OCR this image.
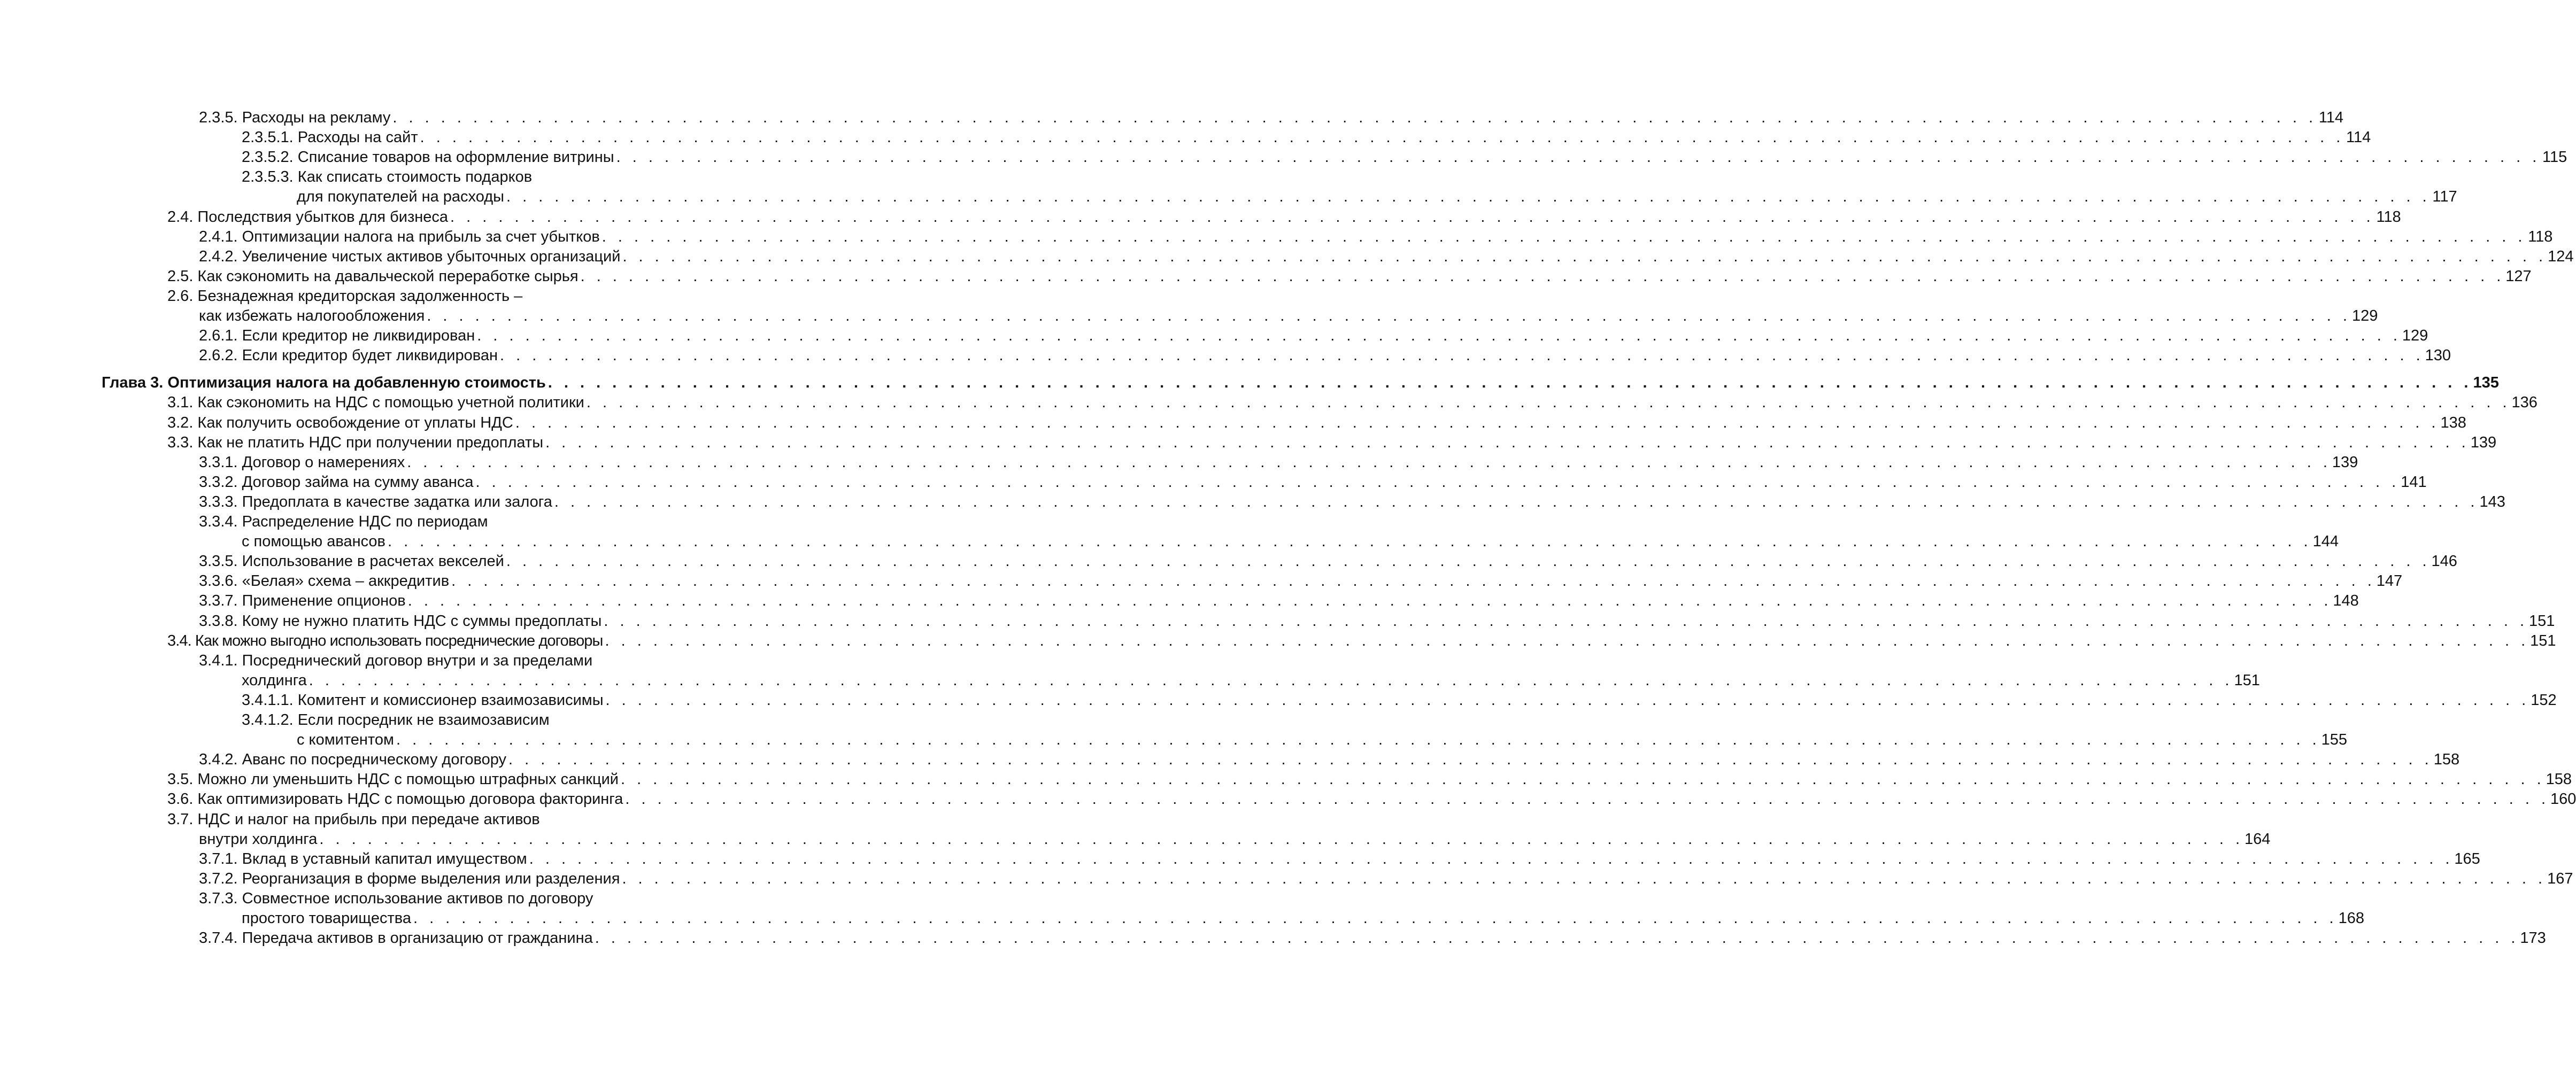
2.3.5. Расходы на рекламу . . . . . . . . . . . . . . . . . . . . . . . . . . . . . . . . . . . . . . . . . . . . . . . . . . . . . . . . . . . . . . . . . . . . . . . . . . . . . . . . . . . . . . . . . . . . . . . . . . . . . . . . . . . . . . . . . . . . . . . . 114
2.3.5.1. Расходы на сайт . . . . . . . . . . . . . . . . . . . . . . . . . . . . . . . . . . . . . . . . . . . . . . . . . . . . . . . . . . . . . . . . . . . . . . . . . . . . . . . . . . . . . . . . . . . . . . . . . . . . . . . . . . . . . . . . . . . . . . . . 114
2.3.5.2. Списание товаров на оформление витрины . . . . . . . . . . . . . . . . . . . . . . . . . . . . . . . . . . . . . . . . . . . . . . . . . . . . . . . . . . . . . . . . . . . . . . . . . . . . . . . . . . . . . . . . . . . . . . . . . . . . . . . . . . . . . . . . . . . . . . . . 115
2.3.5.3. Как списать стоимость подарков
для покупателей на расходы . . . . . . . . . . . . . . . . . . . . . . . . . . . . . . . . . . . . . . . . . . . . . . . . . . . . . . . . . . . . . . . . . . . . . . . . . . . . . . . . . . . . . . . . . . . . . . . . . . . . . . . . . . . . . . . . . . . . . . . . 117
2.4. Последствия убытков для бизнеса . . . . . . . . . . . . . . . . . . . . . . . . . . . . . . . . . . . . . . . . . . . . . . . . . . . . . . . . . . . . . . . . . . . . . . . . . . . . . . . . . . . . . . . . . . . . . . . . . . . . . . . . . . . . . . . . . . . . . . . . 118
2.4.1. Оптимизации налога на прибыль за счет убытков . . . . . . . . . . . . . . . . . . . . . . . . . . . . . . . . . . . . . . . . . . . . . . . . . . . . . . . . . . . . . . . . . . . . . . . . . . . . . . . . . . . . . . . . . . . . . . . . . . . . . . . . . . . . . . . . . . . . . . . . 118
2.4.2. Увеличение чистых активов убыточных организаций . . . . . . . . . . . . . . . . . . . . . . . . . . . . . . . . . . . . . . . . . . . . . . . . . . . . . . . . . . . . . . . . . . . . . . . . . . . . . . . . . . . . . . . . . . . . . . . . . . . . . . . . . . . . . . . . . . . . . . . . 124
2.5. Как сэкономить на давальческой переработке сырья . . . . . . . . . . . . . . . . . . . . . . . . . . . . . . . . . . . . . . . . . . . . . . . . . . . . . . . . . . . . . . . . . . . . . . . . . . . . . . . . . . . . . . . . . . . . . . . . . . . . . . . . . . . . . . . . . . . . . . . . 127
2.6. Безнадежная кредиторская задолженность –
как избежать налогообложения . . . . . . . . . . . . . . . . . . . . . . . . . . . . . . . . . . . . . . . . . . . . . . . . . . . . . . . . . . . . . . . . . . . . . . . . . . . . . . . . . . . . . . . . . . . . . . . . . . . . . . . . . . . . . . . . . . . . . . . . 129
2.6.1. Если кредитор не ликвидирован . . . . . . . . . . . . . . . . . . . . . . . . . . . . . . . . . . . . . . . . . . . . . . . . . . . . . . . . . . . . . . . . . . . . . . . . . . . . . . . . . . . . . . . . . . . . . . . . . . . . . . . . . . . . . . . . . . . . . . . . 129
2.6.2. Если кредитор будет ликвидирован . . . . . . . . . . . . . . . . . . . . . . . . . . . . . . . . . . . . . . . . . . . . . . . . . . . . . . . . . . . . . . . . . . . . . . . . . . . . . . . . . . . . . . . . . . . . . . . . . . . . . . . . . . . . . . . . . . . . . . . . 130
Глава 3. Оптимизация налога на добавленную стоимость . . . . . . . . . . . . . . . . . . . . . . . . . . . . . . . . . . . . . . . . . . . . . . . . . . . . . . . . . . . . . . . . . . . . . . . . . . . . . . . . . . . . . . . . . . . . . . . . . . . . . . . . . . . . . . . . . . . . . . . . 135
3.1. Как сэкономить на НДС с помощью учетной политики . . . . . . . . . . . . . . . . . . . . . . . . . . . . . . . . . . . . . . . . . . . . . . . . . . . . . . . . . . . . . . . . . . . . . . . . . . . . . . . . . . . . . . . . . . . . . . . . . . . . . . . . . . . . . . . . . . . . . . . . 136
3.2. Как получить освобождение от уплаты НДС . . . . . . . . . . . . . . . . . . . . . . . . . . . . . . . . . . . . . . . . . . . . . . . . . . . . . . . . . . . . . . . . . . . . . . . . . . . . . . . . . . . . . . . . . . . . . . . . . . . . . . . . . . . . . . . . . . . . . . . . 138
3.3. Как не платить НДС при получении предоплаты . . . . . . . . . . . . . . . . . . . . . . . . . . . . . . . . . . . . . . . . . . . . . . . . . . . . . . . . . . . . . . . . . . . . . . . . . . . . . . . . . . . . . . . . . . . . . . . . . . . . . . . . . . . . . . . . . . . . . . . . 139
3.3.1. Договор о намерениях . . . . . . . . . . . . . . . . . . . . . . . . . . . . . . . . . . . . . . . . . . . . . . . . . . . . . . . . . . . . . . . . . . . . . . . . . . . . . . . . . . . . . . . . . . . . . . . . . . . . . . . . . . . . . . . . . . . . . . . . 139
3.3.2. Договор займа на сумму аванса . . . . . . . . . . . . . . . . . . . . . . . . . . . . . . . . . . . . . . . . . . . . . . . . . . . . . . . . . . . . . . . . . . . . . . . . . . . . . . . . . . . . . . . . . . . . . . . . . . . . . . . . . . . . . . . . . . . . . . . . 141
3.3.3. Предоплата в качестве задатка или залога . . . . . . . . . . . . . . . . . . . . . . . . . . . . . . . . . . . . . . . . . . . . . . . . . . . . . . . . . . . . . . . . . . . . . . . . . . . . . . . . . . . . . . . . . . . . . . . . . . . . . . . . . . . . . . . . . . . . . . . . 143
3.3.4. Распределение НДС по периодам
с помощью авансов . . . . . . . . . . . . . . . . . . . . . . . . . . . . . . . . . . . . . . . . . . . . . . . . . . . . . . . . . . . . . . . . . . . . . . . . . . . . . . . . . . . . . . . . . . . . . . . . . . . . . . . . . . . . . . . . . . . . . . . . 144
3.3.5. Использование в расчетах векселей . . . . . . . . . . . . . . . . . . . . . . . . . . . . . . . . . . . . . . . . . . . . . . . . . . . . . . . . . . . . . . . . . . . . . . . . . . . . . . . . . . . . . . . . . . . . . . . . . . . . . . . . . . . . . . . . . . . . . . . . 146
3.3.6. «Белая» схема – аккредитив . . . . . . . . . . . . . . . . . . . . . . . . . . . . . . . . . . . . . . . . . . . . . . . . . . . . . . . . . . . . . . . . . . . . . . . . . . . . . . . . . . . . . . . . . . . . . . . . . . . . . . . . . . . . . . . . . . . . . . . . 147
3.3.7. Применение опционов . . . . . . . . . . . . . . . . . . . . . . . . . . . . . . . . . . . . . . . . . . . . . . . . . . . . . . . . . . . . . . . . . . . . . . . . . . . . . . . . . . . . . . . . . . . . . . . . . . . . . . . . . . . . . . . . . . . . . . . . 148
3.3.8. Кому не нужно платить НДС с суммы предоплаты . . . . . . . . . . . . . . . . . . . . . . . . . . . . . . . . . . . . . . . . . . . . . . . . . . . . . . . . . . . . . . . . . . . . . . . . . . . . . . . . . . . . . . . . . . . . . . . . . . . . . . . . . . . . . . . . . . . . . . . . 151
3.4. Как можно выгодно использовать посреднические договоры . . . . . . . . . . . . . . . . . . . . . . . . . . . . . . . . . . . . . . . . . . . . . . . . . . . . . . . . . . . . . . . . . . . . . . . . . . . . . . . . . . . . . . . . . . . . . . . . . . . . . . . . . . . . . . . . . . . . . . . . 151
3.4.1. Посреднический договор внутри и за пределами
холдинга . . . . . . . . . . . . . . . . . . . . . . . . . . . . . . . . . . . . . . . . . . . . . . . . . . . . . . . . . . . . . . . . . . . . . . . . . . . . . . . . . . . . . . . . . . . . . . . . . . . . . . . . . . . . . . . . . . . . . . . . 151
3.4.1.1. Комитент и комиссионер взаимозависимы . . . . . . . . . . . . . . . . . . . . . . . . . . . . . . . . . . . . . . . . . . . . . . . . . . . . . . . . . . . . . . . . . . . . . . . . . . . . . . . . . . . . . . . . . . . . . . . . . . . . . . . . . . . . . . . . . . . . . . . . 152
3.4.1.2. Если посредник не взаимозависим
с комитентом . . . . . . . . . . . . . . . . . . . . . . . . . . . . . . . . . . . . . . . . . . . . . . . . . . . . . . . . . . . . . . . . . . . . . . . . . . . . . . . . . . . . . . . . . . . . . . . . . . . . . . . . . . . . . . . . . . . . . . . . 155
3.4.2. Аванс по посредническому договору . . . . . . . . . . . . . . . . . . . . . . . . . . . . . . . . . . . . . . . . . . . . . . . . . . . . . . . . . . . . . . . . . . . . . . . . . . . . . . . . . . . . . . . . . . . . . . . . . . . . . . . . . . . . . . . . . . . . . . . . 158
3.5. Можно ли уменьшить НДС с помощью штрафных санкций . . . . . . . . . . . . . . . . . . . . . . . . . . . . . . . . . . . . . . . . . . . . . . . . . . . . . . . . . . . . . . . . . . . . . . . . . . . . . . . . . . . . . . . . . . . . . . . . . . . . . . . . . . . . . . . . . . . . . . . . 158
3.6. Как оптимизировать НДС с помощью договора факторинга . . . . . . . . . . . . . . . . . . . . . . . . . . . . . . . . . . . . . . . . . . . . . . . . . . . . . . . . . . . . . . . . . . . . . . . . . . . . . . . . . . . . . . . . . . . . . . . . . . . . . . . . . . . . . . . . . . . . . . . . 160
3.7. НДС и налог на прибыль при передаче активов
внутри холдинга . . . . . . . . . . . . . . . . . . . . . . . . . . . . . . . . . . . . . . . . . . . . . . . . . . . . . . . . . . . . . . . . . . . . . . . . . . . . . . . . . . . . . . . . . . . . . . . . . . . . . . . . . . . . . . . . . . . . . . . . 164
3.7.1. Вклад в уставный капитал имуществом . . . . . . . . . . . . . . . . . . . . . . . . . . . . . . . . . . . . . . . . . . . . . . . . . . . . . . . . . . . . . . . . . . . . . . . . . . . . . . . . . . . . . . . . . . . . . . . . . . . . . . . . . . . . . . . . . . . . . . . . 165
3.7.2. Реорганизация в форме выделения или разделения . . . . . . . . . . . . . . . . . . . . . . . . . . . . . . . . . . . . . . . . . . . . . . . . . . . . . . . . . . . . . . . . . . . . . . . . . . . . . . . . . . . . . . . . . . . . . . . . . . . . . . . . . . . . . . . . . . . . . . . . 167
3.7.3. Совместное использование активов по договору
простого товарищества . . . . . . . . . . . . . . . . . . . . . . . . . . . . . . . . . . . . . . . . . . . . . . . . . . . . . . . . . . . . . . . . . . . . . . . . . . . . . . . . . . . . . . . . . . . . . . . . . . . . . . . . . . . . . . . . . . . . . . . . 168
3.7.4. Передача активов в организацию от гражданина . . . . . . . . . . . . . . . . . . . . . . . . . . . . . . . . . . . . . . . . . . . . . . . . . . . . . . . . . . . . . . . . . . . . . . . . . . . . . . . . . . . . . . . . . . . . . . . . . . . . . . . . . . . . . . . . . . . . . . . . 173
